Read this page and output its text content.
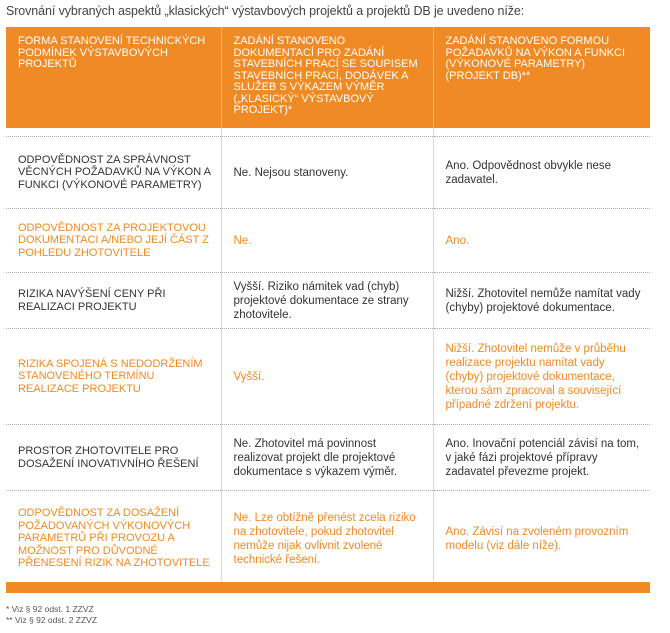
Srovnání vybraných aspektů „klasických“ výstavbových projektů a projektů DB je uvedeno níže:
FORMA STANOVENÍ TECHNICKÝCH PODMÍNEK VÝSTAVBOVÝCH PROJEKTŮ	ZADÁNÍ STANOVENO DOKUMENTACÍ PRO ZADÁNÍ STAVEBNÍCH PRACÍ SE SOUPISEM STAVEBNÍCH PRACÍ, DODÁVEK A SLUŽEB S VÝKAZEM VÝMĚR („KLASICKÝ“ VÝSTAVBOVÝ PROJEKT)*	ZADÁNÍ STANOVENO FORMOU POŽADAVKŮ NA VÝKON A FUNKCI (VÝKONOVÉ PARAMETRY) (PROJEKT DB)**

ODPOVĚDNOST ZA SPRÁVNOST VĚCNÝCH POŽADAVKŮ NA VÝKON A FUNKCI (VÝKONOVÉ PARAMETRY)	Ne. Nejsou stanoveny.	Ano. Odpovědnost obvykle nese zadavatel.
ODPOVĚDNOST ZA PROJEKTOVOU DOKUMENTACI A/NEBO JEJÍ ČÁST Z POHLEDU ZHOTOVITELE	Ne.	Ano.
RIZIKA NAVÝŠENÍ CENY PŘI REALIZACI PROJEKTU	Vyšší. Riziko námitek vad (chyb) projektové dokumentace ze strany zhotovitele.	Nižší. Zhotovitel nemůže namítat vady (chyby) projektové dokumentace.
RIZIKA SPOJENÁ S NEDODRŽENÍM STANOVENÉHO TERMÍNU REALIZACE PROJEKTU	Vyšší.	Nižší. Zhotovitel nemůže v průběhu realizace projektu namítat vady (chyby) projektové dokumentace, kterou sám zpracoval a související případné zdržení projektu.
PROSTOR ZHOTOVITELE PRO DOSAŽENÍ INOVATIVNÍHO ŘEŠENÍ	Ne. Zhotovitel má povinnost realizovat projekt dle projektové dokumentace s výkazem výměr.	Ano. Inovační potenciál závisí na tom, v jaké fázi projektové přípravy zadavatel převezme projekt.
ODPOVĚDNOST ZA DOSAŽENÍ POŽADOVANÝCH VÝKONOVÝCH PARAMETRŮ PŘI PROVOZU A MOŽNOST PRO DŮVODNÉ PŘENESENÍ RIZIK NA ZHOTOVITELE	Ne. Lze obtížně přenést zcela riziko na zhotovitele, pokud zhotovitel nemůže nijak ovlivnit zvolené technické řešení.	Ano. Závisí na zvoleném provozním modelu (viz dále níže).
* Viz § 92 odst. 1 ZZVZ
** Viz § 92 odst. 2 ZZVZ
